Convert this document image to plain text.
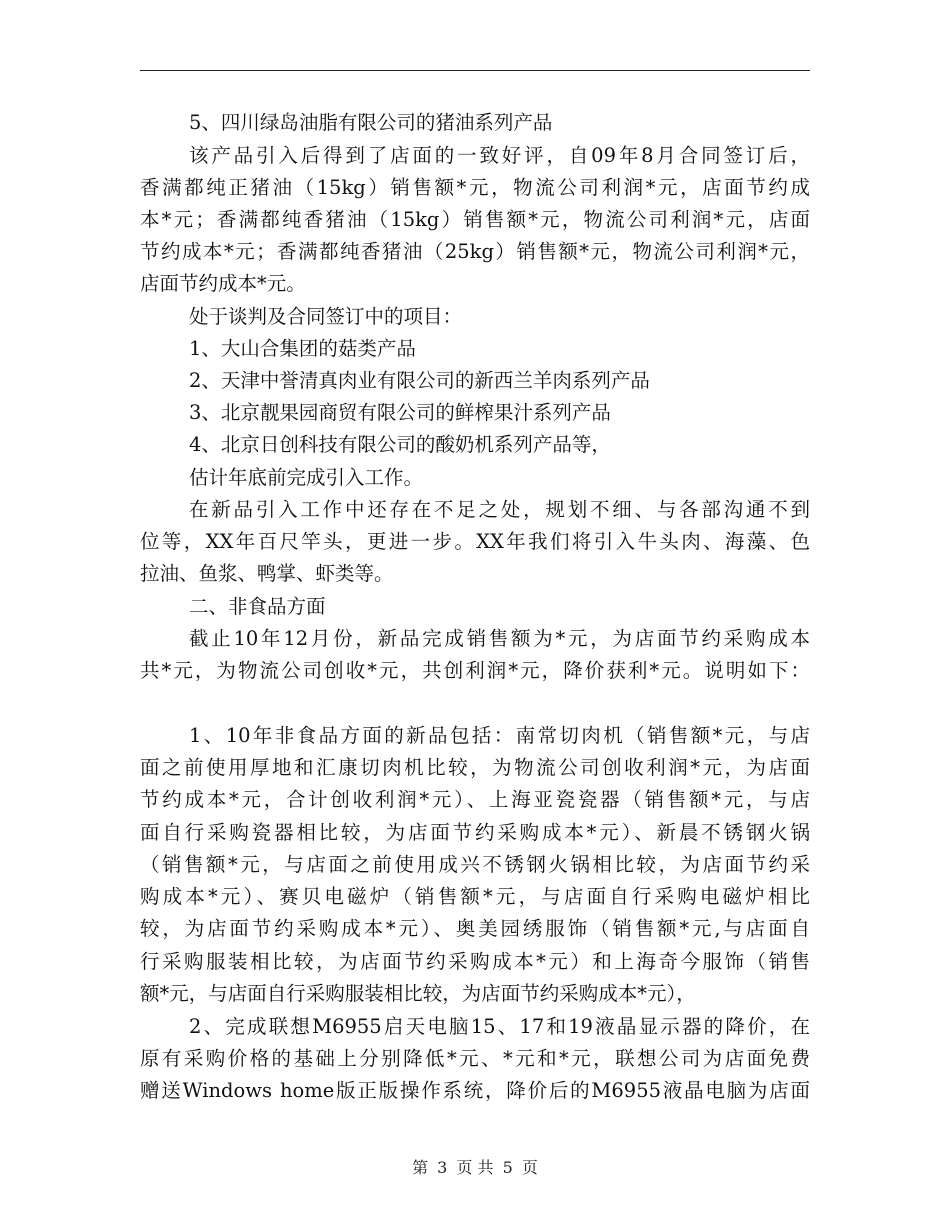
5、四川绿岛油脂有限公司的猪油系列产品
该产品引入后得到了店面的一致好评，自09年8月合同签订后，
香满都纯正猪油（15kg）销售额*元，物流公司利润*元，店面节约成
本*元；香满都纯香猪油（15kg）销售额*元，物流公司利润*元，店面
节约成本*元；香满都纯香猪油（25kg）销售额*元，物流公司利润*元，
店面节约成本*元。
处于谈判及合同签订中的项目：
1、大山合集团的菇类产品
2、天津中誉清真肉业有限公司的新西兰羊肉系列产品
3、北京靓果园商贸有限公司的鲜榨果汁系列产品
4、北京日创科技有限公司的酸奶机系列产品等，
估计年底前完成引入工作。
在新品引入工作中还存在不足之处，规划不细、与各部沟通不到
位等，XX年百尺竿头，更进一步。XX年我们将引入牛头肉、海藻、色
拉油、鱼浆、鸭掌、虾类等。
二、非食品方面
截止10年12月份，新品完成销售额为*元，为店面节约采购成本
共*元，为物流公司创收*元，共创利润*元，降价获利*元。说明如下：
1、10年非食品方面的新品包括：南常切肉机（销售额*元，与店
面之前使用厚地和汇康切肉机比较，为物流公司创收利润*元，为店面
节约成本*元，合计创收利润*元）、上海亚瓷瓷器（销售额*元，与店
面自行采购瓷器相比较，为店面节约采购成本*元）、新晨不锈钢火锅
（销售额*元，与店面之前使用成兴不锈钢火锅相比较，为店面节约采
购成本*元）、赛贝电磁炉（销售额*元，与店面自行采购电磁炉相比
较，为店面节约采购成本*元）、奥美园绣服饰（销售额*元,与店面自
行采购服装相比较，为店面节约采购成本*元）和上海奇今服饰（销售
额*元，与店面自行采购服装相比较，为店面节约采购成本*元），
2、完成联想M6955启天电脑15、17和19液晶显示器的降价，在
原有采购价格的基础上分别降低*元、*元和*元，联想公司为店面免费
赠送Windows home版正版操作系统，降价后的M6955液晶电脑为店面
第 3 页 共 5 页
